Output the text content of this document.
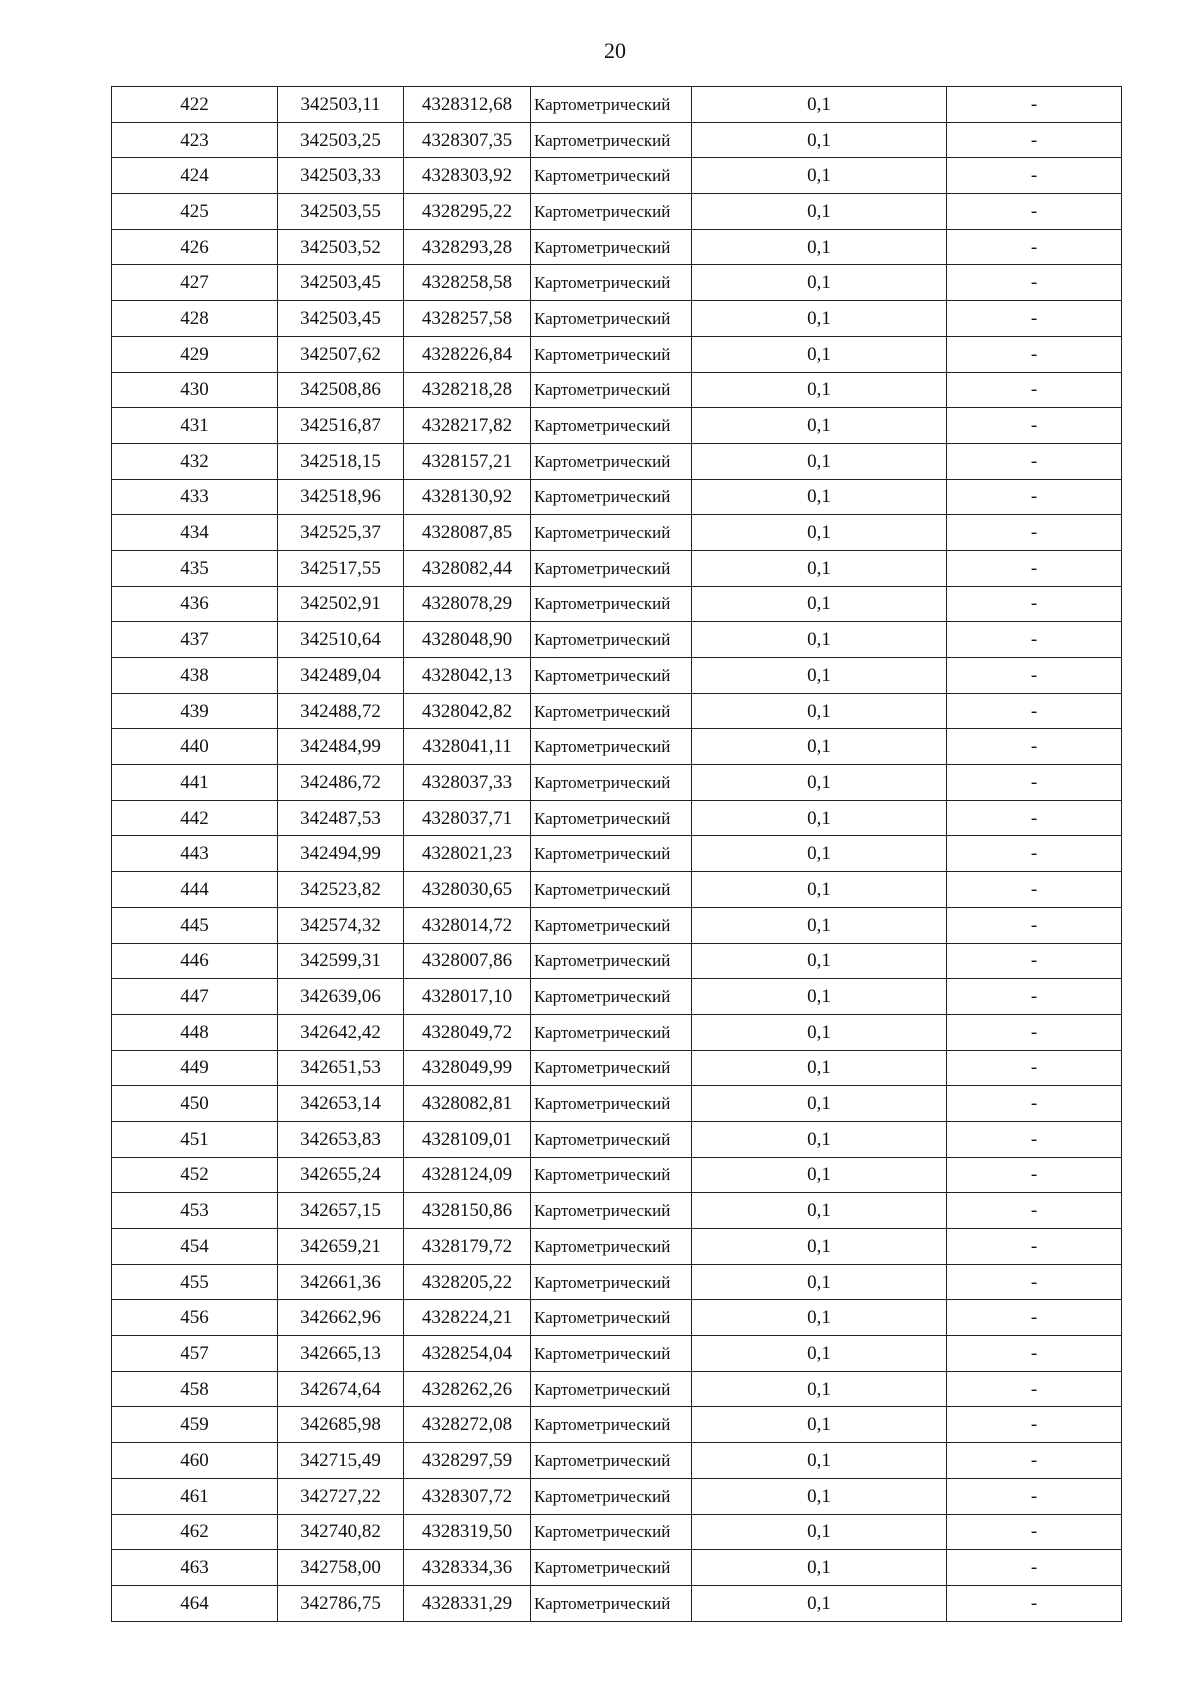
20
422	342503,11	4328312,68	Картометрический	0,1	-
423	342503,25	4328307,35	Картометрический	0,1	-
424	342503,33	4328303,92	Картометрический	0,1	-
425	342503,55	4328295,22	Картометрический	0,1	-
426	342503,52	4328293,28	Картометрический	0,1	-
427	342503,45	4328258,58	Картометрический	0,1	-
428	342503,45	4328257,58	Картометрический	0,1	-
429	342507,62	4328226,84	Картометрический	0,1	-
430	342508,86	4328218,28	Картометрический	0,1	-
431	342516,87	4328217,82	Картометрический	0,1	-
432	342518,15	4328157,21	Картометрический	0,1	-
433	342518,96	4328130,92	Картометрический	0,1	-
434	342525,37	4328087,85	Картометрический	0,1	-
435	342517,55	4328082,44	Картометрический	0,1	-
436	342502,91	4328078,29	Картометрический	0,1	-
437	342510,64	4328048,90	Картометрический	0,1	-
438	342489,04	4328042,13	Картометрический	0,1	-
439	342488,72	4328042,82	Картометрический	0,1	-
440	342484,99	4328041,11	Картометрический	0,1	-
441	342486,72	4328037,33	Картометрический	0,1	-
442	342487,53	4328037,71	Картометрический	0,1	-
443	342494,99	4328021,23	Картометрический	0,1	-
444	342523,82	4328030,65	Картометрический	0,1	-
445	342574,32	4328014,72	Картометрический	0,1	-
446	342599,31	4328007,86	Картометрический	0,1	-
447	342639,06	4328017,10	Картометрический	0,1	-
448	342642,42	4328049,72	Картометрический	0,1	-
449	342651,53	4328049,99	Картометрический	0,1	-
450	342653,14	4328082,81	Картометрический	0,1	-
451	342653,83	4328109,01	Картометрический	0,1	-
452	342655,24	4328124,09	Картометрический	0,1	-
453	342657,15	4328150,86	Картометрический	0,1	-
454	342659,21	4328179,72	Картометрический	0,1	-
455	342661,36	4328205,22	Картометрический	0,1	-
456	342662,96	4328224,21	Картометрический	0,1	-
457	342665,13	4328254,04	Картометрический	0,1	-
458	342674,64	4328262,26	Картометрический	0,1	-
459	342685,98	4328272,08	Картометрический	0,1	-
460	342715,49	4328297,59	Картометрический	0,1	-
461	342727,22	4328307,72	Картометрический	0,1	-
462	342740,82	4328319,50	Картометрический	0,1	-
463	342758,00	4328334,36	Картометрический	0,1	-
464	342786,75	4328331,29	Картометрический	0,1	-
